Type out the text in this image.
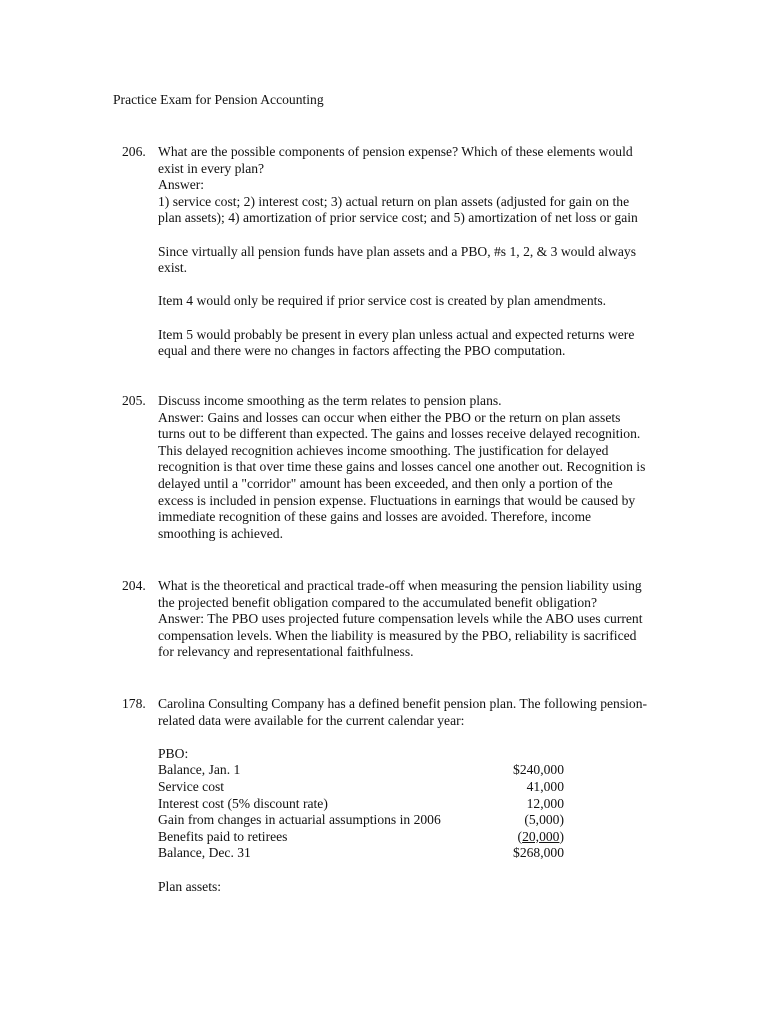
Practice Exam for Pension Accounting
206. What are the possible components of pension expense? Which of these elements would
exist in every plan?
Answer:
1) service cost; 2) interest cost; 3) actual return on plan assets (adjusted for gain on the
plan assets); 4) amortization of prior service cost; and 5) amortization of net loss or gain
Since virtually all pension funds have plan assets and a PBO, #s 1, 2, & 3 would always
exist.
Item 4 would only be required if prior service cost is created by plan amendments.
Item 5 would probably be present in every plan unless actual and expected returns were
equal and there were no changes in factors affecting the PBO computation.
205. Discuss income smoothing as the term relates to pension plans.
Answer: Gains and losses can occur when either the PBO or the return on plan assets
turns out to be different than expected. The gains and losses receive delayed recognition.
This delayed recognition achieves income smoothing. The justification for delayed
recognition is that over time these gains and losses cancel one another out. Recognition is
delayed until a "corridor" amount has been exceeded, and then only a portion of the
excess is included in pension expense. Fluctuations in earnings that would be caused by
immediate recognition of these gains and losses are avoided. Therefore, income
smoothing is achieved.
204. What is the theoretical and practical trade-off when measuring the pension liability using
the projected benefit obligation compared to the accumulated benefit obligation?
Answer: The PBO uses projected future compensation levels while the ABO uses current
compensation levels. When the liability is measured by the PBO, reliability is sacrificed
for relevancy and representational faithfulness.
178. Carolina Consulting Company has a defined benefit pension plan. The following pension-
related data were available for the current calendar year:
PBO:
Balance, Jan. 1	$240,000
Service cost	41,000
Interest cost (5% discount rate)	12,000
Gain from changes in actuarial assumptions in 2006	(5,000)
Benefits paid to retirees	(20,000)
Balance, Dec. 31	$268,000
Plan assets:
